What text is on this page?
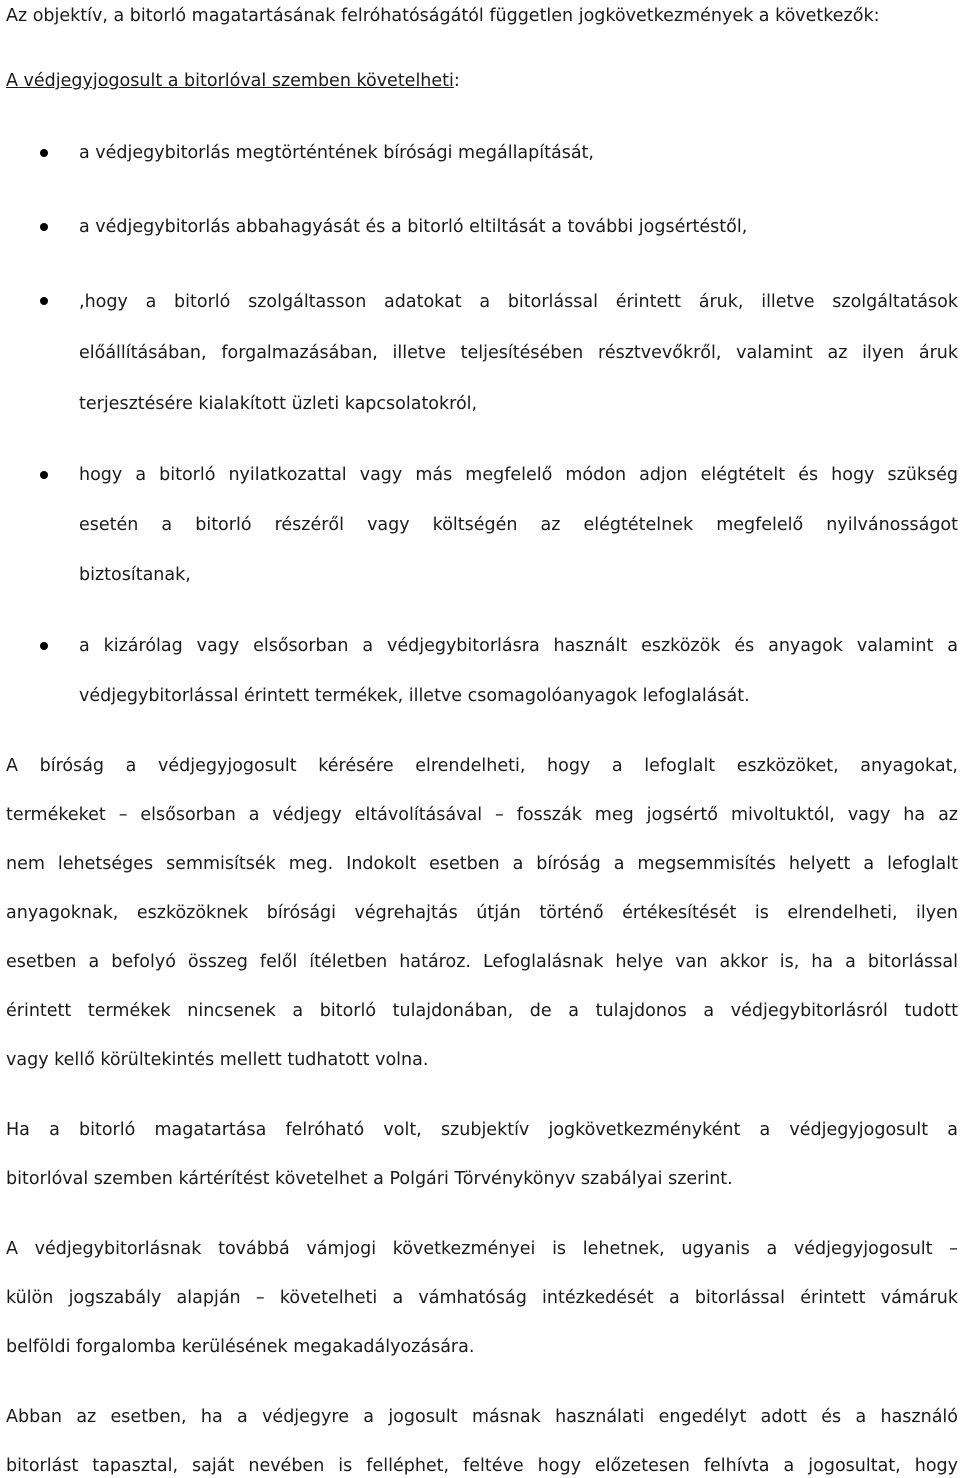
Az objektív, a bitorló magatartásának felróhatóságától független jogkövetkezmények a következők:
A védjegyjogosult a bitorlóval szemben követelheti:
a védjegybitorlás megtörténtének bírósági megállapítását,
a védjegybitorlás abbahagyását és a bitorló eltiltását a további jogsértéstől,
,hogy a bitorló szolgáltasson adatokat a bitorlással érintett áruk, illetve szolgáltatások
előállításában, forgalmazásában, illetve teljesítésében résztvevőkről, valamint az ilyen áruk
terjesztésére kialakított üzleti kapcsolatokról,
hogy a bitorló nyilatkozattal vagy más megfelelő módon adjon elégtételt és hogy szükség
esetén a bitorló részéről vagy költségén az elégtételnek megfelelő nyilvánosságot
biztosítanak,
a kizárólag vagy elsősorban a védjegybitorlásra használt eszközök és anyagok valamint a
védjegybitorlással érintett termékek, illetve csomagolóanyagok lefoglalását.
A bíróság a védjegyjogosult kérésére elrendelheti, hogy a lefoglalt eszközöket, anyagokat,
termékeket – elsősorban a védjegy eltávolításával – fosszák meg jogsértő mivoltuktól, vagy ha az
nem lehetséges semmisítsék meg. Indokolt esetben a bíróság a megsemmisítés helyett a lefoglalt
anyagoknak, eszközöknek bírósági végrehajtás útján történő értékesítését is elrendelheti, ilyen
esetben a befolyó összeg felől ítéletben határoz. Lefoglalásnak helye van akkor is, ha a bitorlással
érintett termékek nincsenek a bitorló tulajdonában, de a tulajdonos a védjegybitorlásról tudott
vagy kellő körültekintés mellett tudhatott volna.
Ha a bitorló magatartása felróható volt, szubjektív jogkövetkezményként a védjegyjogosult a
bitorlóval szemben kártérítést követelhet a Polgári Törvénykönyv szabályai szerint.
A védjegybitorlásnak továbbá vámjogi következményei is lehetnek, ugyanis a védjegyjogosult –
külön jogszabály alapján – követelheti a vámhatóság intézkedését a bitorlással érintett vámáruk
belföldi forgalomba kerülésének megakadályozására.
Abban az esetben, ha a védjegyre a jogosult másnak használati engedélyt adott és a használó
bitorlást tapasztal, saját nevében is felléphet, feltéve hogy előzetesen felhívta a jogosultat, hogy
